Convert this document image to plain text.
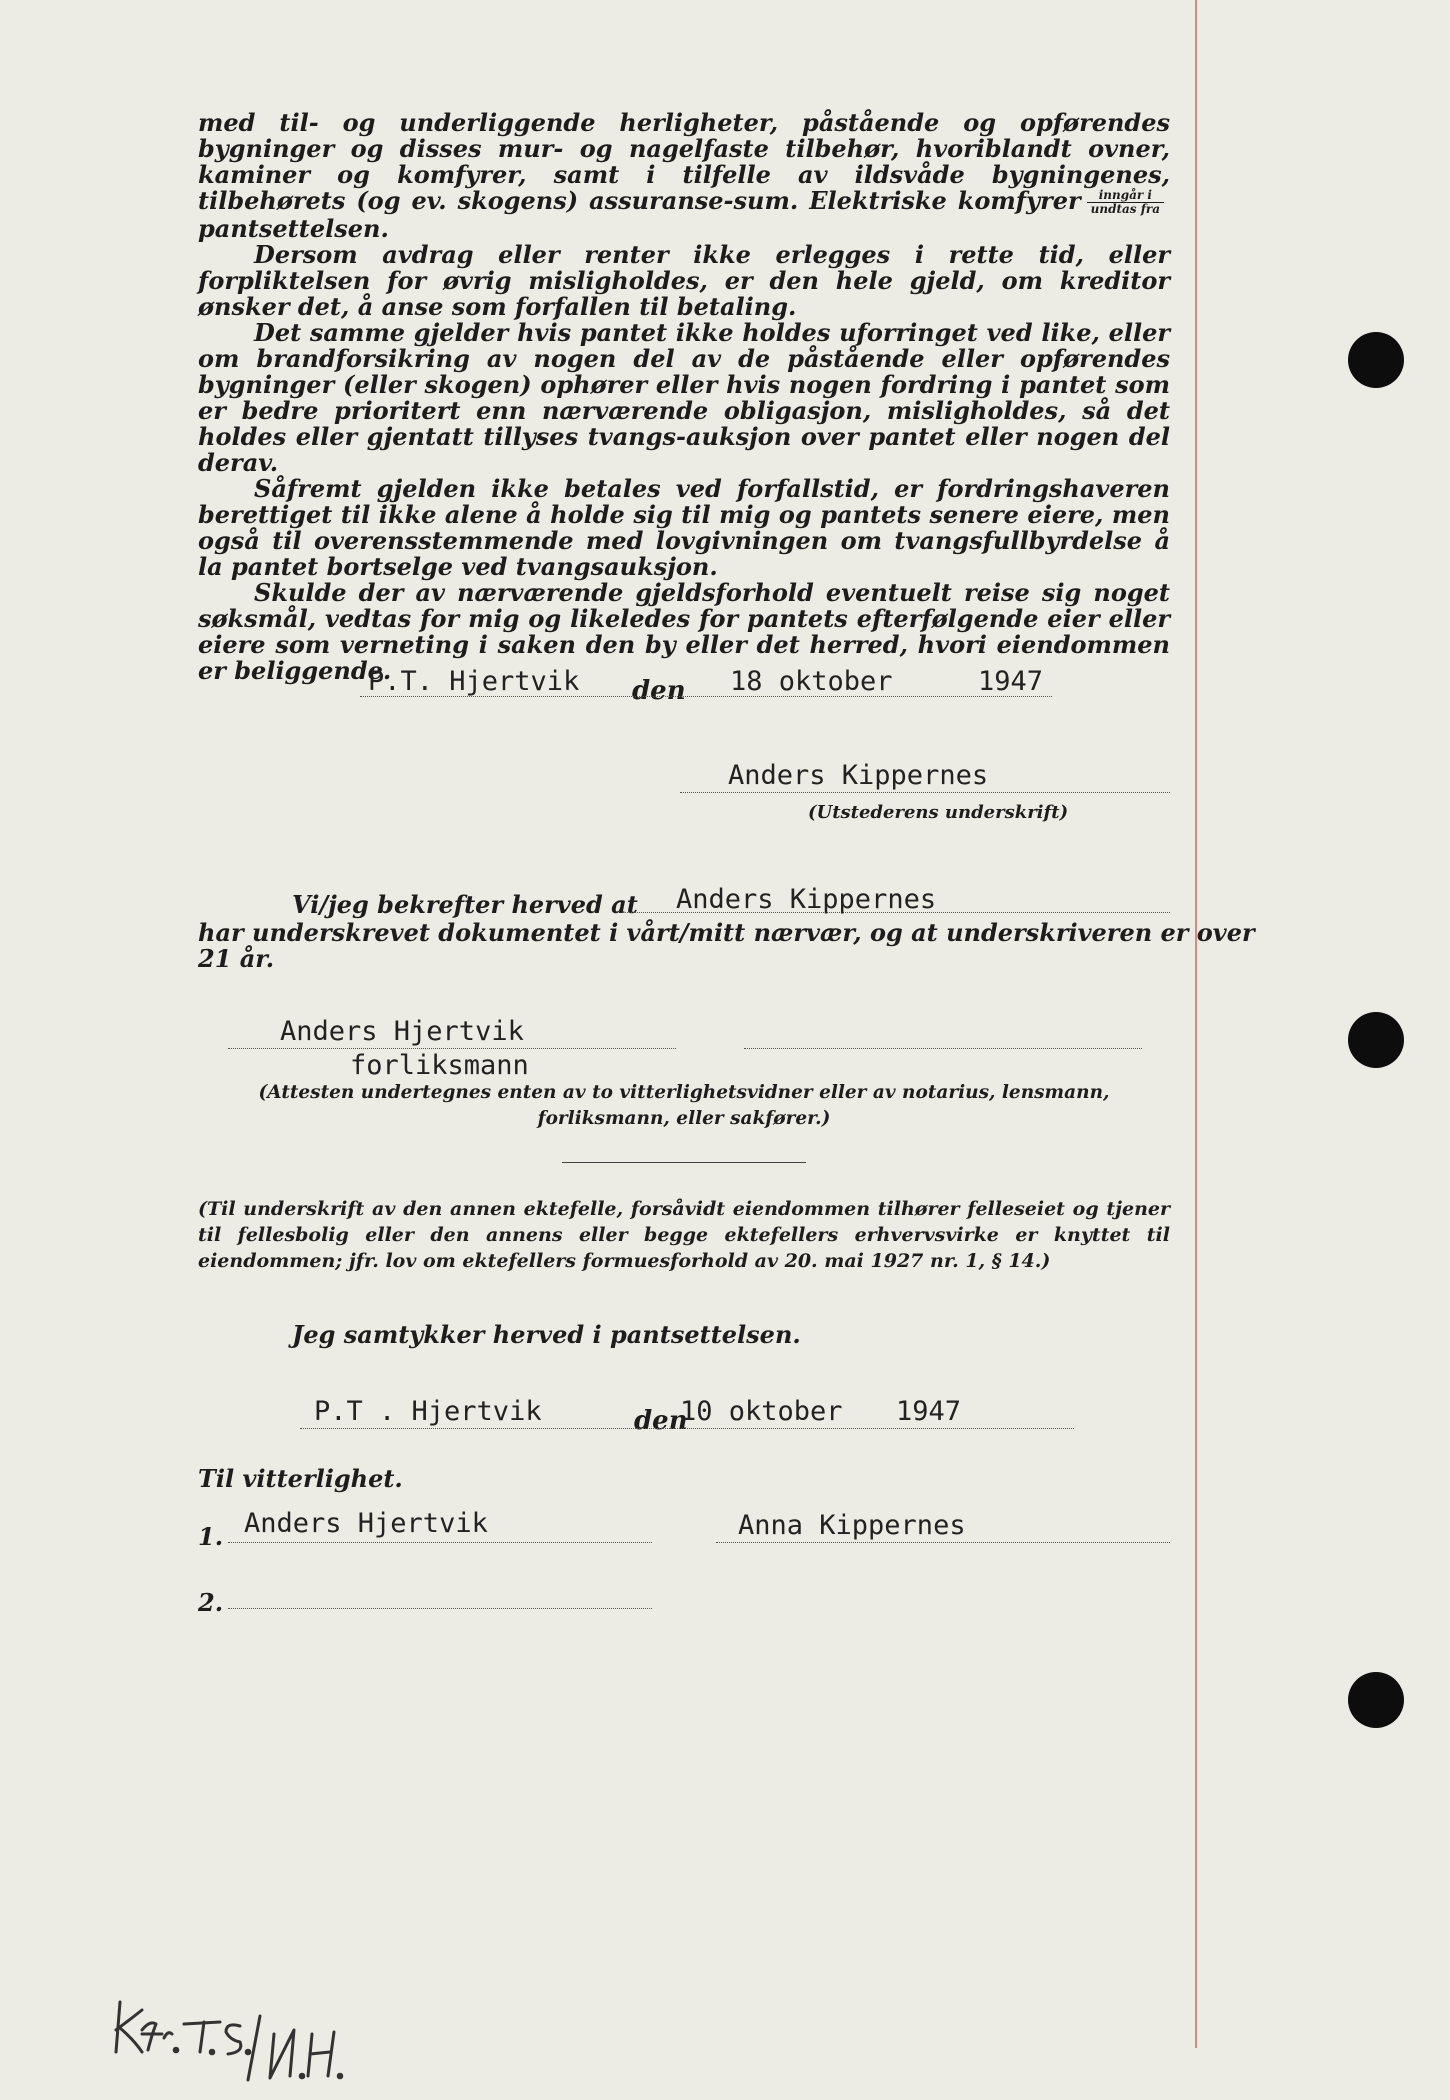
med til- og underliggende herligheter, påstående og opførendes bygninger og disses mur- og nagelfaste tilbehør, hvoriblandt ovner, kaminer og komfyrer, samt i tilfelle av ildsvåde bygningenes, tilbehørets (og ev. skogens) assuranse-sum. Elektriske komfyrer $\frac{\text{inngår i}}{\text{undtas fra}}$
pantsettelsen.

Dersom avdrag eller renter ikke erlegges i rette tid, eller forpliktelsen for øvrig misligholdes, er den hele gjeld, om kreditor ønsker det, å anse som forfallen til betaling.

Det samme gjelder hvis pantet ikke holdes uforringet ved like, eller om brandforsikring av nogen del av de påstående eller opførendes bygninger (eller skogen) ophører eller hvis nogen fordring i pantet som er bedre prioritert enn nærværende obligasjon, misligholdes, så det holdes eller gjentatt tillyses tvangs-auksjon over pantet eller nogen del derav.

Såfremt gjelden ikke betales ved forfallstid, er fordringshaveren berettiget til ikke alene å holde sig til mig og pantets senere eiere, men også til overensstemmende med lovgivningen om tvangsfullbyrdelse å la pantet bortselge ved tvangsauksjon.

Skulde der av nærværende gjeldsforhold eventuelt reise sig noget søksmål, vedtas for mig og likeledes for pantets efterfølgende eier eller eiere som verneting i saken den by eller det herred, hvori eiendommen er beliggende.

P.T. Hjertvik den 18 oktober	1947
Anders Kippernes
(Utstederens underskrift)
Vi/jeg bekrefter herved at Anders Kippernes
har underskrevet dokumentet i vårt/mitt nærvær, og at underskriveren er over
21 år.
Anders Hjertvik
forliksmann
(Attesten undertegnes enten av to vitterlighetsvidner eller av notarius, lensmann, forliksmann, eller sakfører.)
(Til underskrift av den annen ektefelle, forsåvidt eiendommen tilhører felleseiet og tjener til fellesbolig eller den annens eller begge ektefellers erhvervsvirke er knyttet til eiendommen; jfr. lov om ektefellers formuesforhold av 20. mai 1927 nr. 1, § 14.)
Jeg samtykker herved i pantsettelsen.
P.T . Hjertvik	den
10 oktober 1947
Til vitterlighet.
1. Anders Hjertvik	Anna Kippernes
2.
